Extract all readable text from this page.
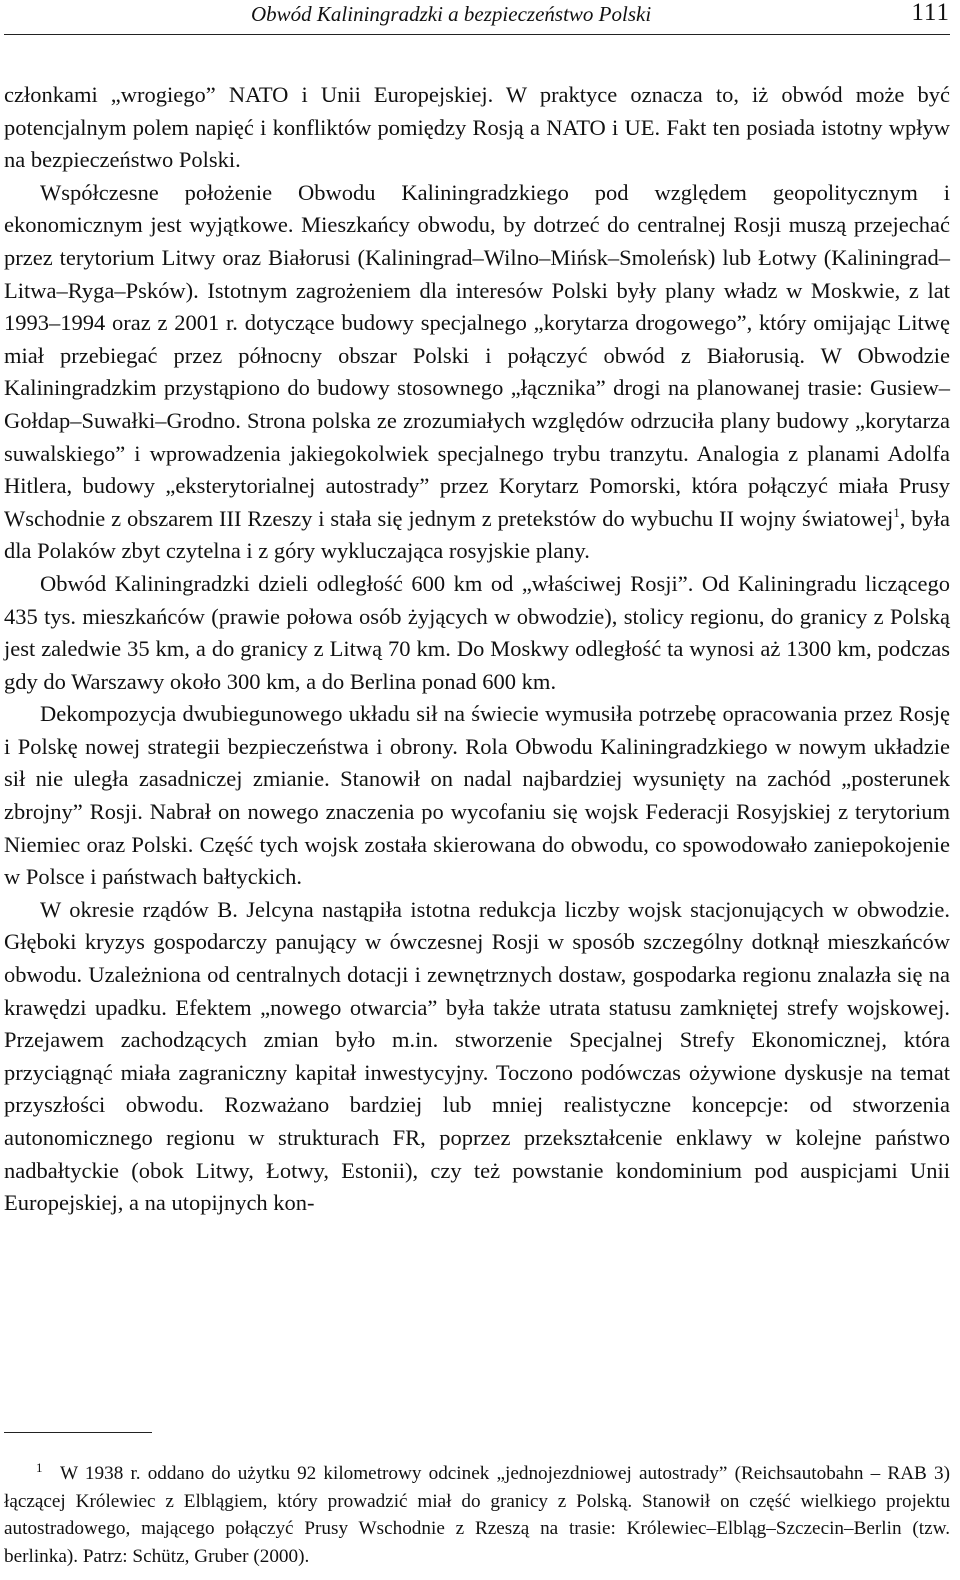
Obwód Kaliningradzki a bezpieczeństwo Polski	111

członkami „wrogiego” NATO i Unii Europejskiej. W praktyce oznacza to, iż obwód może być potencjalnym polem napięć i konfliktów pomiędzy Rosją a NATO i UE. Fakt ten posiada istotny wpływ na bezpieczeństwo Polski.

Współczesne położenie Obwodu Kaliningradzkiego pod względem geopolitycznym i ekonomicznym jest wyjątkowe. Mieszkańcy obwodu, by dotrzeć do centralnej Rosji muszą przejechać przez terytorium Litwy oraz Białorusi (Kaliningrad–Wilno–Mińsk–Smoleńsk) lub Łotwy (Kaliningrad–Litwa–Ryga–Psków). Istotnym zagrożeniem dla interesów Polski były plany władz w Moskwie, z lat 1993–1994 oraz z 2001 r. dotyczące budowy specjalnego „korytarza drogowego”, który omijając Litwę miał przebiegać przez północny obszar Polski i połączyć obwód z Białorusią. W Obwodzie Kaliningradzkim przystąpiono do budowy stosownego „łącznika” drogi na planowanej trasie: Gusiew–Gołdap–Suwałki–Grodno. Strona polska ze zrozumiałych względów odrzuciła plany budowy „korytarza suwalskiego” i wprowadzenia jakiegokolwiek specjalnego trybu tranzytu. Analogia z planami Adolfa Hitlera, budowy „eksterytorialnej autostrady” przez Korytarz Pomorski, która połączyć miała Prusy Wschodnie z obszarem III Rzeszy i stała się jednym z pretekstów do wybuchu II wojny światowej$^1$, była dla Polaków zbyt czytelna i z góry wykluczająca rosyjskie plany.

Obwód Kaliningradzki dzieli odległość 600 km od „właściwej Rosji”. Od Kaliningradu liczącego 435 tys. mieszkańców (prawie połowa osób żyjących w obwodzie), stolicy regionu, do granicy z Polską jest zaledwie 35 km, a do granicy z Litwą 70 km. Do Moskwy odległość ta wynosi aż 1300 km, podczas gdy do Warszawy około 300 km, a do Berlina ponad 600 km.

Dekompozycja dwubiegunowego układu sił na świecie wymusiła potrzebę opracowania przez Rosję i Polskę nowej strategii bezpieczeństwa i obrony. Rola Obwodu Kaliningradzkiego w nowym układzie sił nie uległa zasadniczej zmianie. Stanowił on nadal najbardziej wysunięty na zachód „posterunek zbrojny” Rosji. Nabrał on nowego znaczenia po wycofaniu się wojsk Federacji Rosyjskiej z terytorium Niemiec oraz Polski. Część tych wojsk została skierowana do obwodu, co spowodowało zaniepokojenie w Polsce i państwach bałtyckich.

W okresie rządów B. Jelcyna nastąpiła istotna redukcja liczby wojsk stacjonujących w obwodzie. Głęboki kryzys gospodarczy panujący w ówczesnej Rosji w sposób szczególny dotknął mieszkańców obwodu. Uzależniona od centralnych dotacji i zewnętrznych dostaw, gospodarka regionu znalazła się na krawędzi upadku. Efektem „nowego otwarcia” była także utrata statusu zamkniętej strefy wojskowej. Przejawem zachodzących zmian było m.in. stworzenie Specjalnej Strefy Ekonomicznej, która przyciągnąć miała zagraniczny kapitał inwestycyjny. Toczono podówczas ożywione dyskusje na temat przyszłości obwodu. Rozważano bardziej lub mniej realistyczne koncepcje: od stworzenia autonomicznego regionu w strukturach FR, poprzez przekształcenie enklawy w kolejne państwo nadbałtyckie (obok Litwy, Łotwy, Estonii), czy też powstanie kondominium pod auspicjami Unii Europejskiej, a na utopijnych kon-

$^1$ W 1938 r. oddano do użytku 92 kilometrowy odcinek „jednojezdniowej autostrady” (Reichsautobahn – RAB 3) łączącej Królewiec z Elblągiem, który prowadzić miał do granicy z Polską. Stanowił on część wielkiego projektu autostradowego, mającego połączyć Prusy Wschodnie z Rzeszą na trasie: Królewiec–Elbląg–Szczecin–Berlin (tzw. berlinka). Patrz: Schütz, Gruber (2000).
